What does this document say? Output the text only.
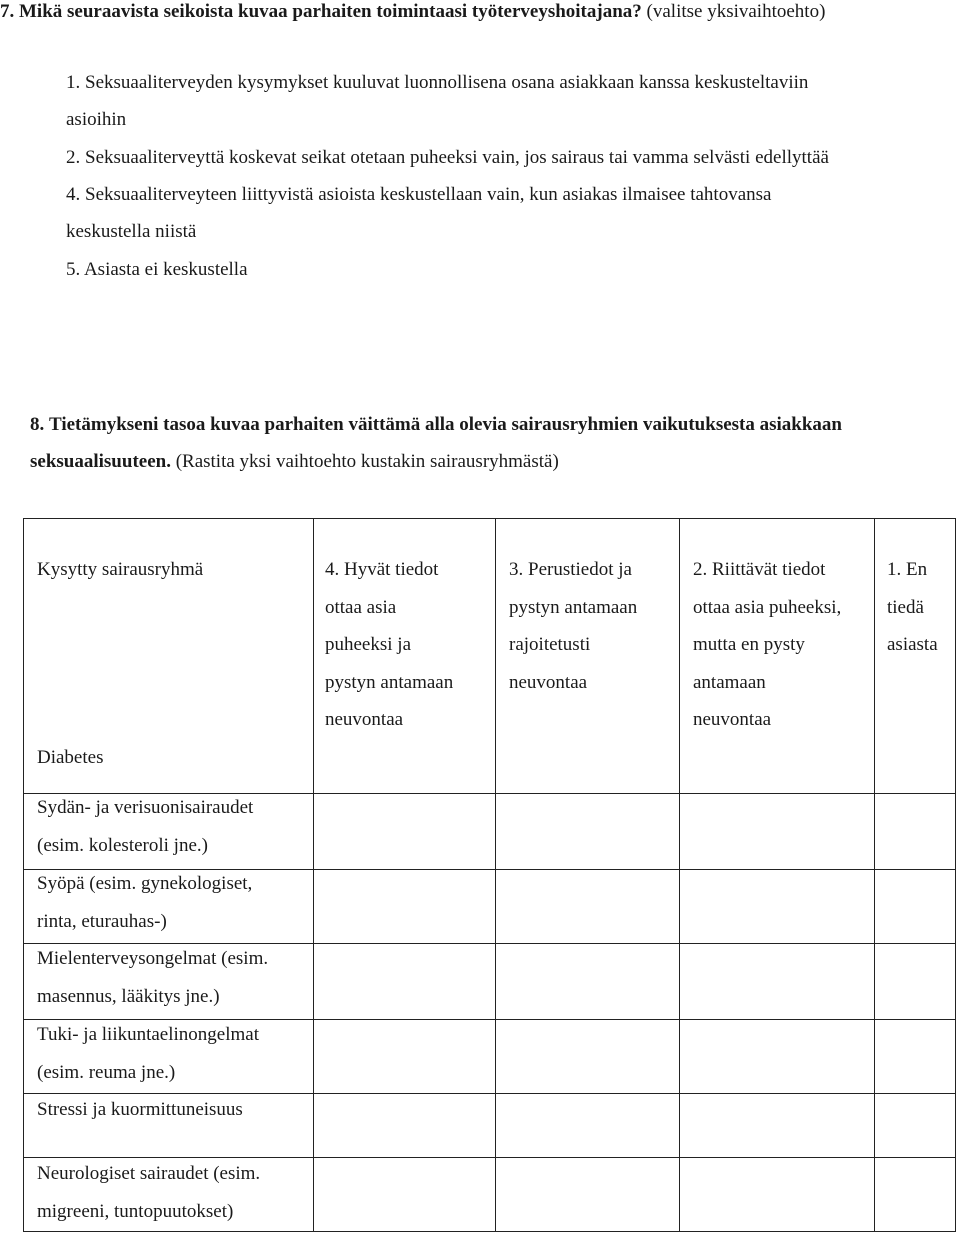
7. Mikä seuraavista seikoista kuvaa parhaiten toimintaasi työterveyshoitajana? (valitse yksivaihtoehto)
1. Seksuaaliterveyden kysymykset kuuluvat luonnollisena osana asiakkaan kanssa keskusteltaviin
asioihin
2. Seksuaaliterveyttä koskevat seikat otetaan puheeksi vain, jos sairaus tai vamma selvästi edellyttää
4. Seksuaaliterveyteen liittyvistä asioista keskustellaan vain, kun asiakas ilmaisee tahtovansa
keskustella niistä
5. Asiasta ei keskustella
8. Tietämykseni tasoa kuvaa parhaiten väittämä alla olevia sairausryhmien vaikutuksesta asiakkaan
seksuaalisuuteen. (Rastita yksi vaihtoehto kustakin sairausryhmästä)
Kysytty sairausryhmä	4. Hyvät tiedot
ottaa asia
puheeksi ja
pystyn antamaan
neuvontaa
3. Perustiedot ja
pystyn antamaan
rajoitetusti
neuvontaa
2. Riittävät tiedot
ottaa asia puheeksi,
mutta en pysty
antamaan
neuvontaa
1. En
tiedä
asiasta
Diabetes
Sydän- ja verisuonisairaudet
(esim. kolesteroli jne.)
Syöpä (esim. gynekologiset,
rinta, eturauhas-)
Mielenterveysongelmat (esim.
masennus, lääkitys jne.)
Tuki- ja liikuntaelinongelmat
(esim. reuma jne.)
Stressi ja kuormittuneisuus
Neurologiset sairaudet (esim.
migreeni, tuntopuutokset)
